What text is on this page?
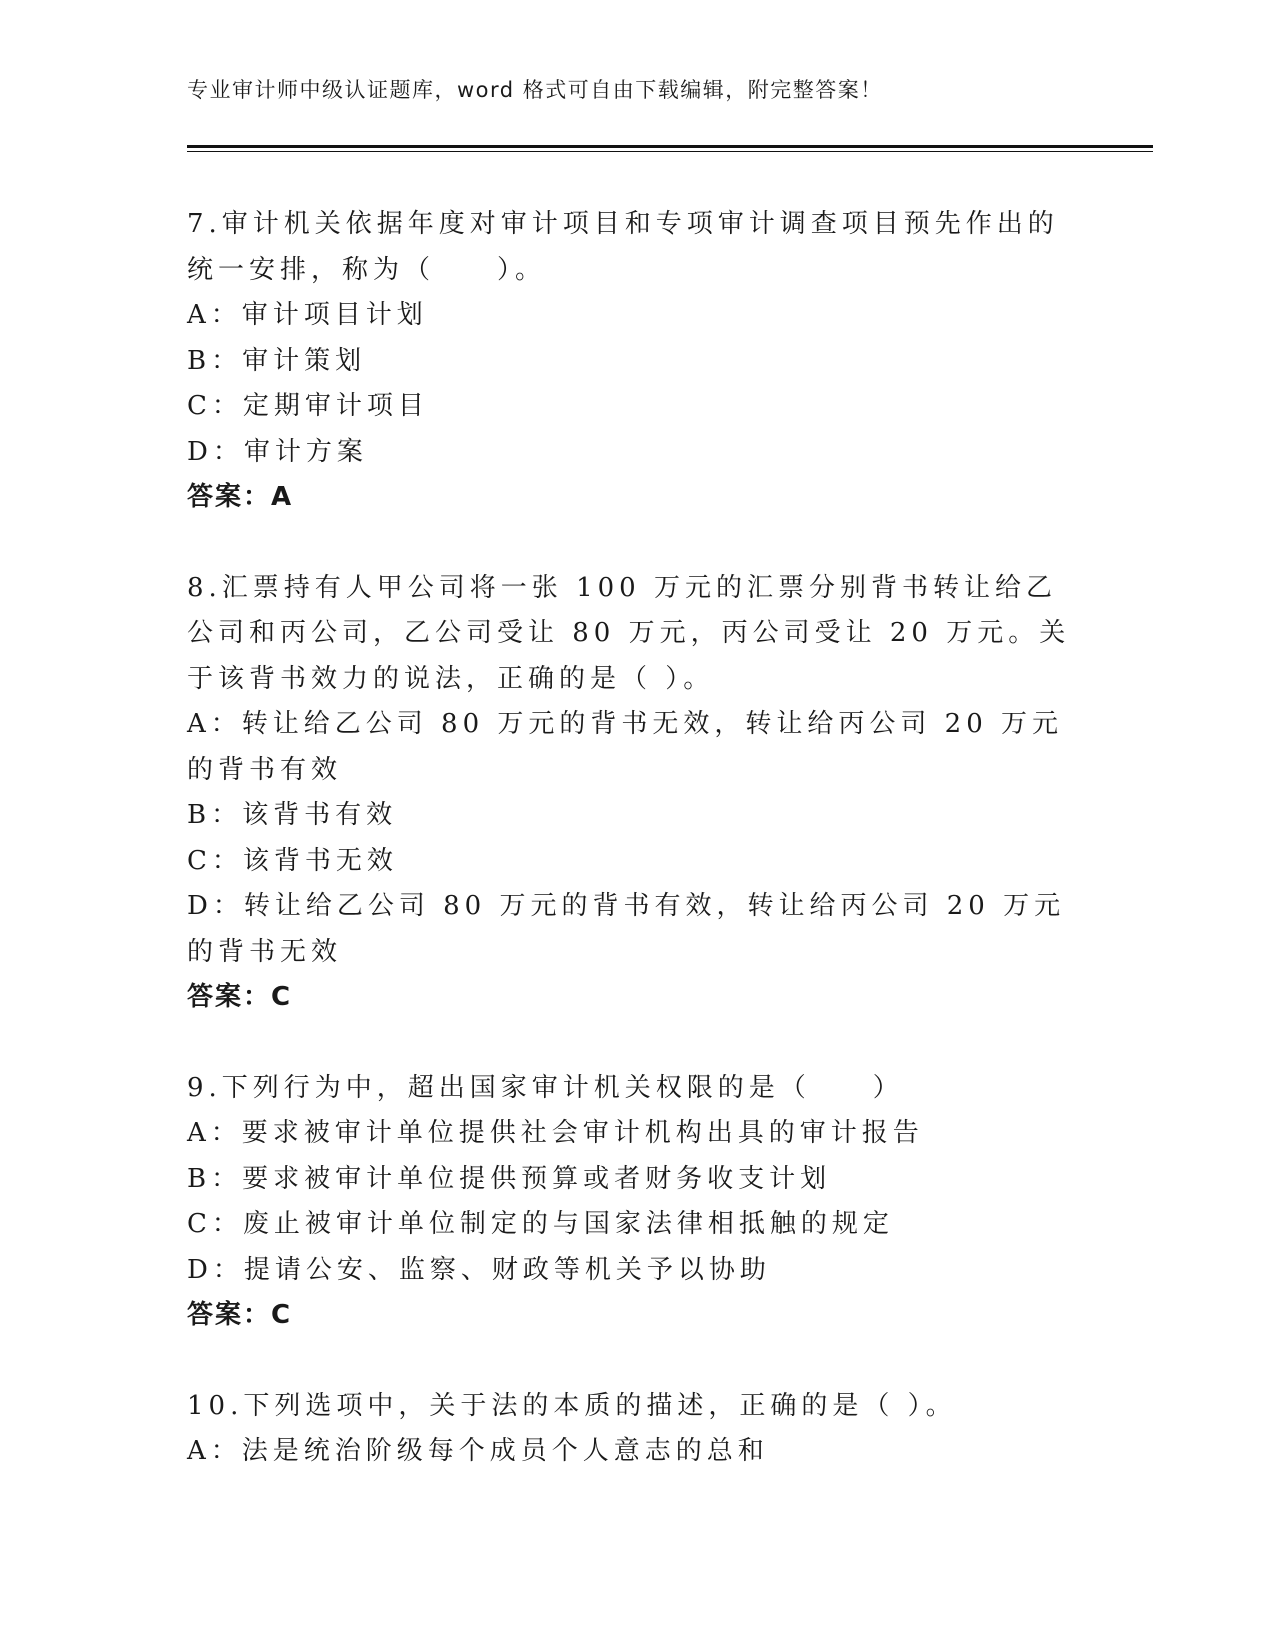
专业审计师中级认证题库，word 格式可自由下载编辑，附完整答案！
7.审计机关依据年度对审计项目和专项审计调查项目预先作出的统一安排，称为（　　）。
A：审计项目计划
B：审计策划
C：定期审计项目
D：审计方案
答案：A
8.汇票持有人甲公司将一张 100 万元的汇票分别背书转让给乙公司和丙公司，乙公司受让 80 万元，丙公司受让 20 万元。关于该背书效力的说法，正确的是（ ）。
A：转让给乙公司 80 万元的背书无效，转让给丙公司 20 万元的背书有效
B：该背书有效
C：该背书无效
D：转让给乙公司 80 万元的背书有效，转让给丙公司 20 万元的背书无效
答案：C
9.下列行为中，超出国家审计机关权限的是（　　）
A：要求被审计单位提供社会审计机构出具的审计报告
B：要求被审计单位提供预算或者财务收支计划
C：废止被审计单位制定的与国家法律相抵触的规定
D：提请公安、监察、财政等机关予以协助
答案：C
10.下列选项中，关于法的本质的描述，正确的是（ ）。
A：法是统治阶级每个成员个人意志的总和
